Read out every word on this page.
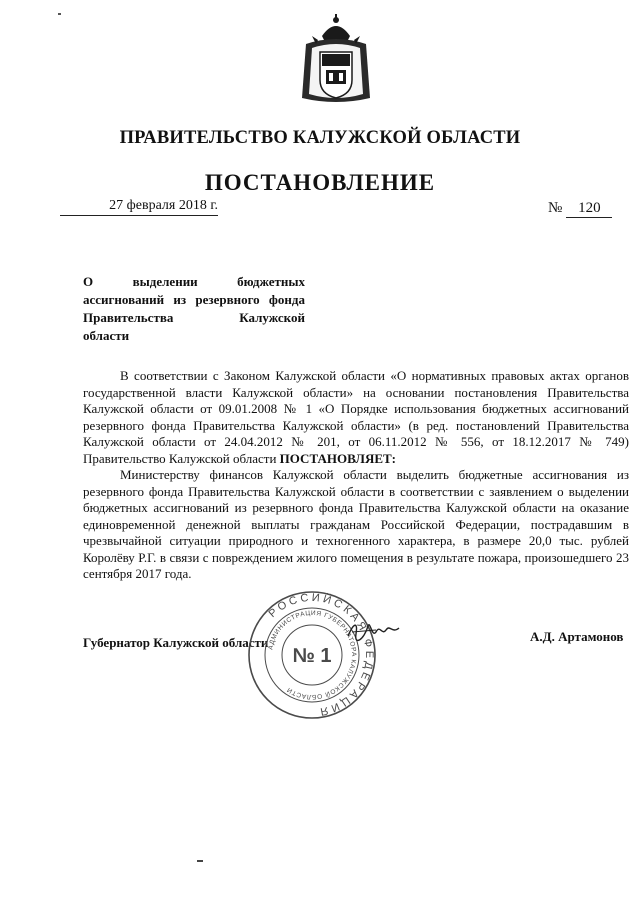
ПРАВИТЕЛЬСТВО КАЛУЖСКОЙ ОБЛАСТИ
ПОСТАНОВЛЕНИЕ
27 февраля 2018 г.	№ 120
О выделении бюджетных
ассигнований из резервного фонда
Правительства Калужской
области

В соответствии с Законом Калужской области «О нормативных правовых актах органов государственной власти Калужской области» на основании постановления Правительства Калужской области от 09.01.2008 № 1 «О Порядке использования бюджетных ассигнований резервного фонда Правительства Калужской области» (в ред. постановлений Правительства Калужской области от 24.04.2012 № 201, от 06.11.2012 № 556, от 18.12.2017 № 749) Правительство Калужской области ПОСТАНОВЛЯЕТ:

Министерству финансов Калужской области выделить бюджетные ассигнования из резервного фонда Правительства Калужской области в соответствии с заявлением о выделении бюджетных ассигнований из резервного фонда Правительства Калужской области на оказание единовременной денежной выплаты гражданам Российской Федерации, пострадавшим в чрезвычайной ситуации природного и техногенного характера, в размере 20,0 тыс. рублей Королёву Р.Г. в связи с повреждением жилого помещения в результате пожара, произошедшего 23 сентября 2017 года.

Губернатор Калужской области	А.Д. Артамонов
РОССИЙСКАЯ ФЕДЕРАЦИЯ
АДМИНИСТРАЦИЯ ГУБЕРНАТОРА КАЛУЖСКОЙ ОБЛАСТИ
№ 1
